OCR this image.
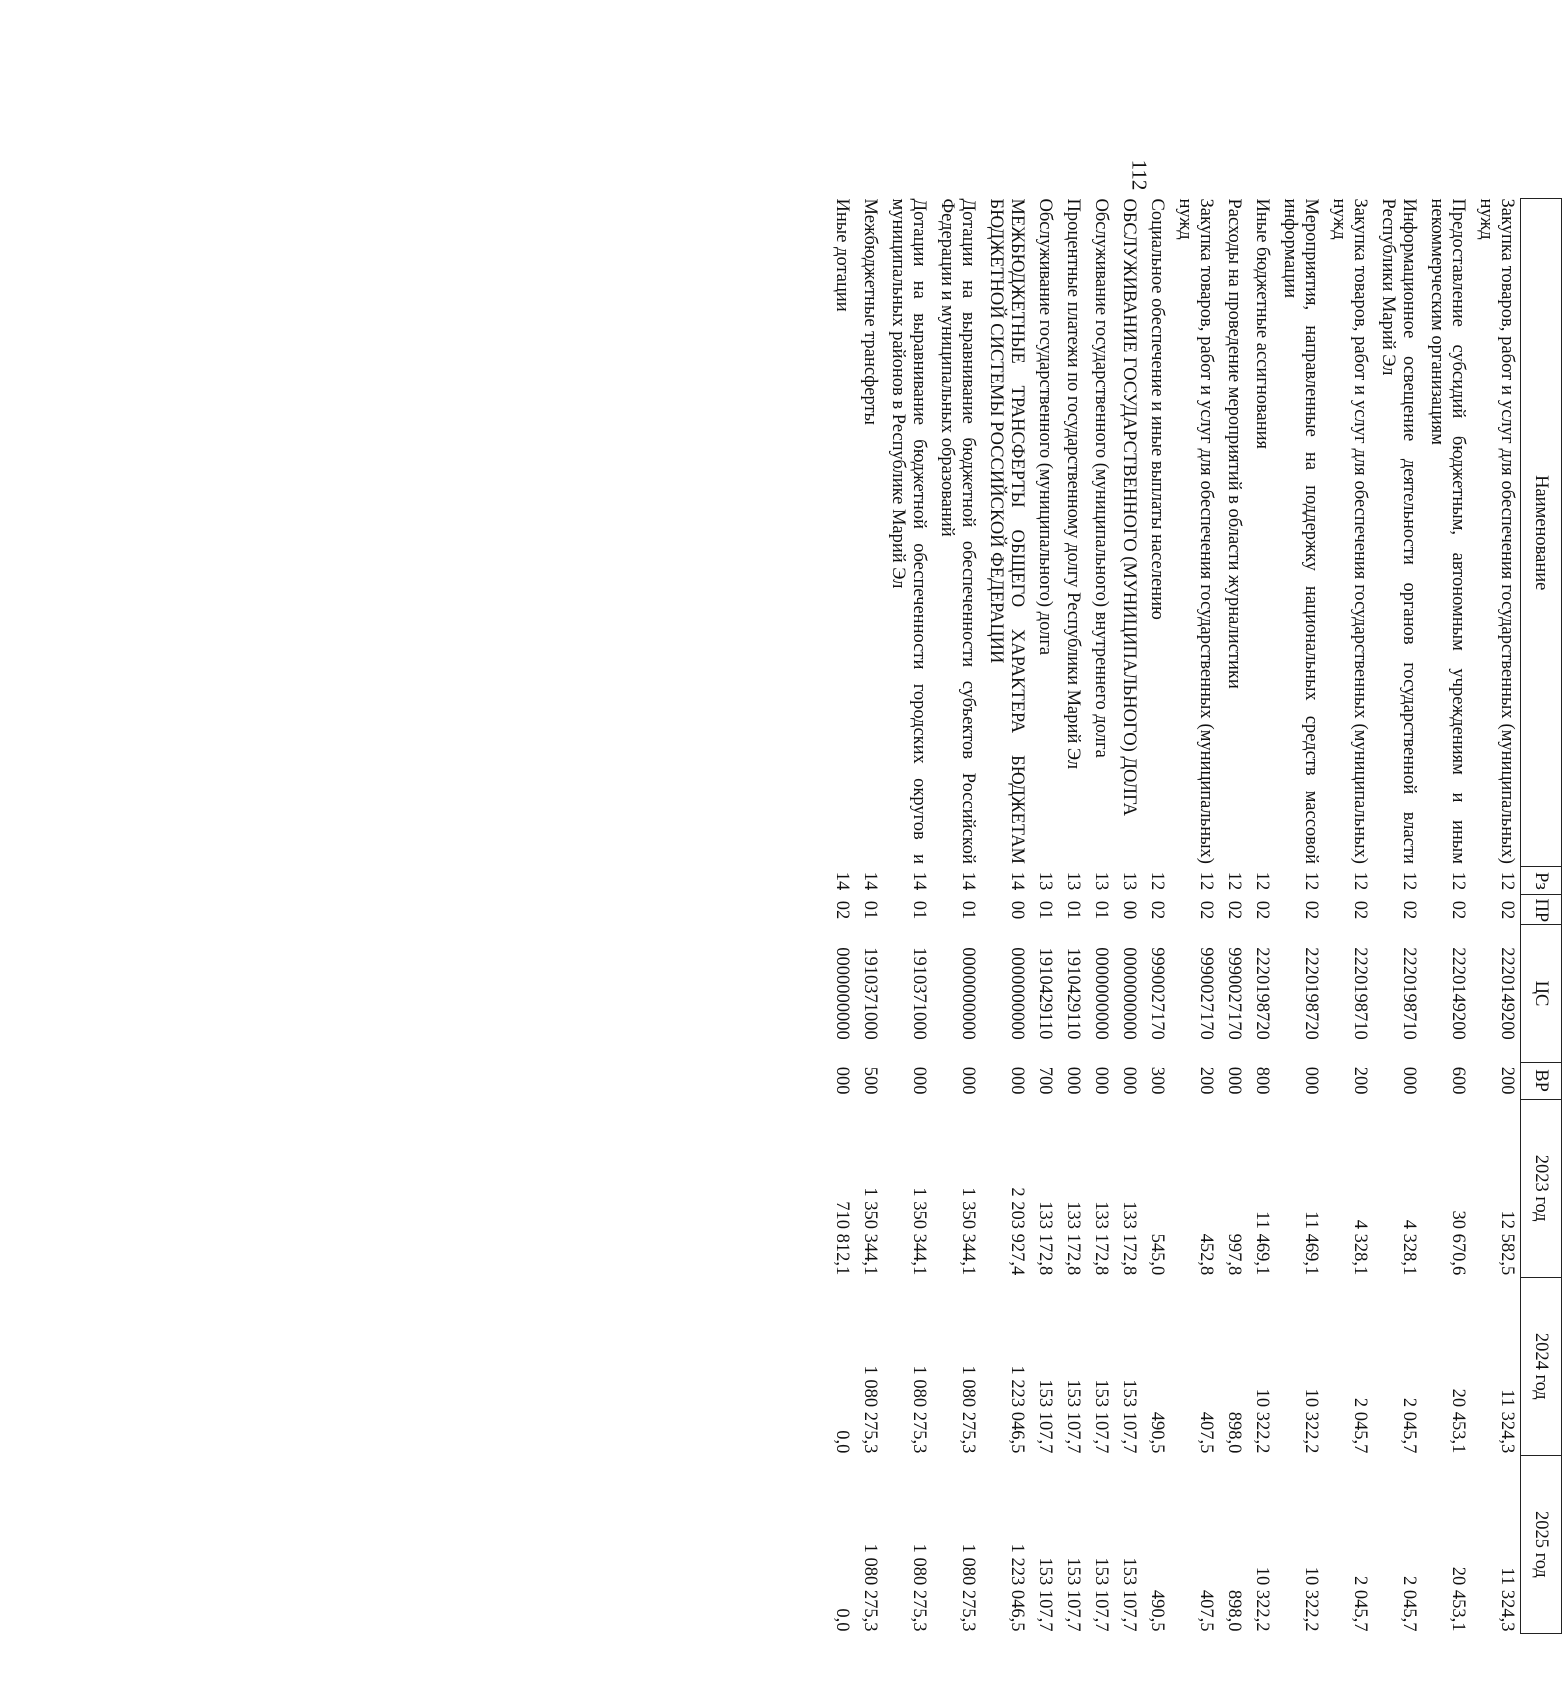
112
Наименование	Рз	ПР	ЦС	ВР	2023 год	2024 год	2025 год
Закупка товаров, работ и услуг для обеспечения государственных (муниципальных) нужд	12	02	2220149200	200	12 582,5	11 324,3	11 324,3
Предоставление субсидий бюджетным, автономным учреждениям и иным некоммерческим организациям	12	02	2220149200	600	30 670,6	20 453,1	20 453,1
Информационное освещение деятельности органов государственной власти Республики Марий Эл	12	02	2220198710	000	4 328,1	2 045,7	2 045,7
Закупка товаров, работ и услуг для обеспечения государственных (муниципальных) нужд	12	02	2220198710	200	4 328,1	2 045,7	2 045,7
Мероприятия, направленные на поддержку национальных средств массовой информации	12	02	2220198720	000	11 469,1	10 322,2	10 322,2
Иные бюджетные ассигнования	12	02	2220198720	800	11 469,1	10 322,2	10 322,2
Расходы на проведение мероприятий в области журналистики	12	02	9990027170	000	997,8	898,0	898,0
Закупка товаров, работ и услуг для обеспечения государственных (муниципальных) нужд	12	02	9990027170	200	452,8	407,5	407,5
Социальное обеспечение и иные выплаты населению	12	02	9990027170	300	545,0	490,5	490,5
ОБСЛУЖИВАНИЕ ГОСУДАРСТВЕННОГО (МУНИЦИПАЛЬНОГО) ДОЛГА	13	00	0000000000	000	133 172,8	153 107,7	153 107,7
Обслуживание государственного (муниципального) внутреннего долга	13	01	0000000000	000	133 172,8	153 107,7	153 107,7
Процентные платежи по государственному долгу Республики Марий Эл	13	01	1910429110	000	133 172,8	153 107,7	153 107,7
Обслуживание государственного (муниципального) долга	13	01	1910429110	700	133 172,8	153 107,7	153 107,7
МЕЖБЮДЖЕТНЫЕ ТРАНСФЕРТЫ ОБЩЕГО ХАРАКТЕРА БЮДЖЕТАМ БЮДЖЕТНОЙ СИСТЕМЫ РОССИЙСКОЙ ФЕДЕРАЦИИ	14	00	0000000000	000	2 203 927,4	1 223 046,5	1 223 046,5
Дотации на выравнивание бюджетной обеспеченности субъектов Российской Федерации и муниципальных образований	14	01	0000000000	000	1 350 344,1	1 080 275,3	1 080 275,3
Дотации на выравнивание бюджетной обеспеченности городских округов и муниципальных районов в Республике Марий Эл	14	01	1910371000	000	1 350 344,1	1 080 275,3	1 080 275,3
Межбюджетные трансферты	14	01	1910371000	500	1 350 344,1	1 080 275,3	1 080 275,3
Иные дотации	14	02	0000000000	000	710 812,1	0,0	0,0
